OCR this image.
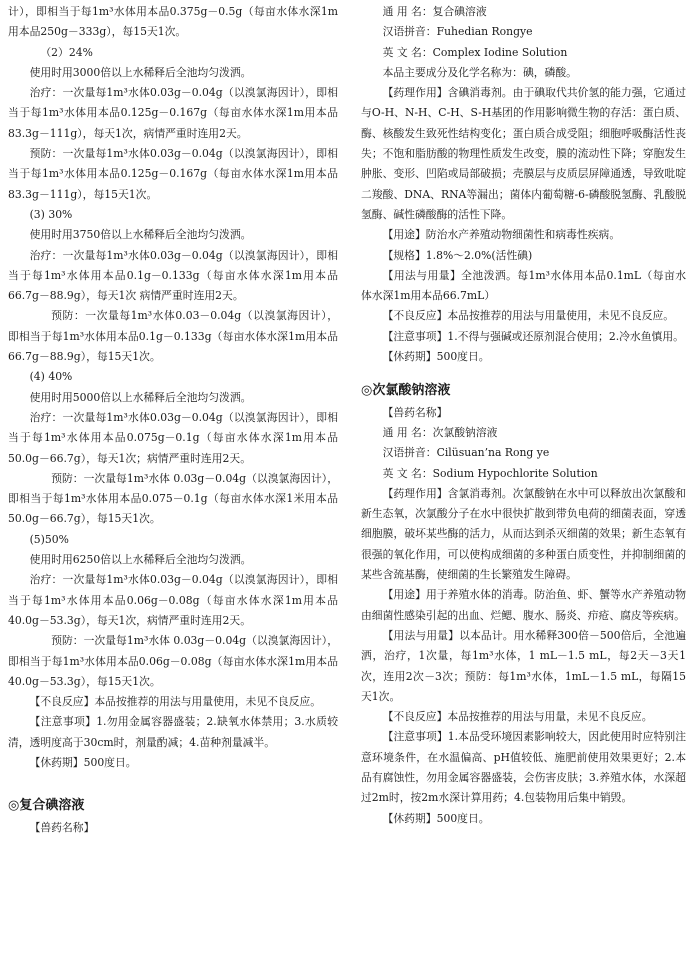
计），即相当于每1m³水体用本品0.375g－0.5g（每亩水体水深1m用本品250g－333g），每15天1次。

（2）24%

使用时用3000倍以上水稀释后全池均匀泼洒。

治疗：一次量每1m³水体0.03g－0.04g（以溴氯海因计），即相当于每1m³水体用本品0.125g－0.167g（每亩水体水深1m用本品83.3g－111g），每天1次，病情严重时连用2天。

预防：一次量每1m³水体0.03g－0.04g（以溴氯海因计），即相当于每1m³水体用本品0.125g－0.167g（每亩水体水深1m用本品83.3g－111g），每15天1次。

(3) 30%

使用时用3750倍以上水稀释后全池均匀泼洒。

治疗：一次量每1m³水体0.03g－0.04g（以溴氯海因计），即相当于每1m³水体用本品0.1g－0.133g（每亩水体水深1m用本品66.7g－88.9g），每天1次 病情严重时连用2天。

预防：一次量每1m³水体0.03－0.04g（以溴氯海因计），即相当于每1m³水体用本品0.1g－0.133g（每亩水体水深1m用本品66.7g－88.9g），每15天1次。

(4) 40%

使用时用5000倍以上水稀释后全池均匀泼洒。

治疗：一次量每1m³水体0.03g－0.04g（以溴氯海因计），即相当于每1m³水体用本品0.075g－0.1g（每亩水体水深1m用本品50.0g－66.7g），每天1次；病情严重时连用2天。

预防：一次量每1m³水体 0.03g－0.04g（以溴氯海因计），即相当于每1m³水体用本品0.075－0.1g（每亩水体水深1米用本品50.0g－66.7g），每15天1次。

(5)50%

使用时用6250倍以上水稀释后全池均匀泼洒。

治疗：一次量每1m³水体0.03g－0.04g（以溴氯海因计），即相当于每1m³水体用本品0.06g－0.08g（每亩水体水深1m用本品40.0g－53.3g），每天1次，病情严重时连用2天。

预防：一次量每1m³水体 0.03g－0.04g（以溴氯海因计），即相当于每1m³水体用本品0.06g－0.08g（每亩水体水深1m用本品40.0g－53.3g），每15天1次。

【不良反应】本品按推荐的用法与用量使用，未见不良反应。

【注意事项】1.勿用金属容器盛装；2.缺氧水体禁用；3.水质较清，透明度高于30cm时，剂量酌减；4.苗种剂量减半。

【休药期】500度日。

◎复合碘溶液

【兽药名称】

通 用 名：复合碘溶液

汉语拼音：Fuhedian Rongye

英 文 名：Complex Iodine Solution

本品主要成分及化学名称为：碘，磷酸。

【药理作用】含碘消毒剂。由于碘取代共价氢的能力强，它通过与O-H、N-H、C-H、S-H基团的作用影响微生物的存活：蛋白质、酶、核酸发生致死性结构变化；蛋白质合成受阻；细胞呼吸酶活性丧失；不饱和脂肪酸的物理性质发生改变，膜的流动性下降；穿胞发生肿胀、变形、凹陷或局部破损；壳膜层与皮质层屏障通透，导致吡啶二羧酸、DNA、RNA等漏出；菌体内葡萄糖-6-磷酸脱氢酶、乳酸脱氢酶、碱性磷酸酶的活性下降。

【用途】防治水产养殖动物细菌性和病毒性疾病。

【规格】1.8%～2.0%(活性碘)

【用法与用量】全池泼洒。每1m³水体用本品0.1mL（每亩水体水深1m用本品66.7mL）

【不良反应】本品按推荐的用法与用量使用，未见不良反应。

【注意事项】1.不得与强碱或还原剂混合使用；2.冷水鱼慎用。

【休药期】500度日。

◎次氯酸钠溶液

【兽药名称】

通 用 名：次氯酸钠溶液

汉语拼音：Cilüsuan’na Rong ye

英 文 名：Sodium Hypochlorite Solution

【药理作用】含氯消毒剂。次氯酸钠在水中可以释放出次氯酸和新生态氧，次氯酸分子在水中很快扩散到带负电荷的细菌表面，穿透细胞膜，破坏某些酶的活力，从而达到杀灭细菌的效果；新生态氧有很强的氧化作用，可以使构成细菌的多种蛋白质变性，并抑制细菌的某些含巯基酶，使细菌的生长繁殖发生障碍。

【用途】用于养殖水体的消毒。防治鱼、虾、蟹等水产养殖动物由细菌性感染引起的出血、烂鳃、腹水、肠炎、疖疮、腐皮等疾病。

【用法与用量】以本品计。用水稀释300倍－500倍后，全池遍洒，治疗，1次量，每1m³水体，1 mL－1.5 mL，每2天－3天1次，连用2次－3次；预防：每1m³水体，1mL－1.5 mL，每隔15天1次。

【不良反应】本品按推荐的用法与用量，未见不良反应。

【注意事项】1.本品受环境因素影响较大，因此使用时应特别注意环境条件，在水温偏高、pH值较低、施肥前使用效果更好；2.本品有腐蚀性，勿用金属容器盛装，会伤害皮肤；3.养殖水体，水深超过2m时，按2m水深计算用药；4.包装物用后集中销毁。

【休药期】500度日。
